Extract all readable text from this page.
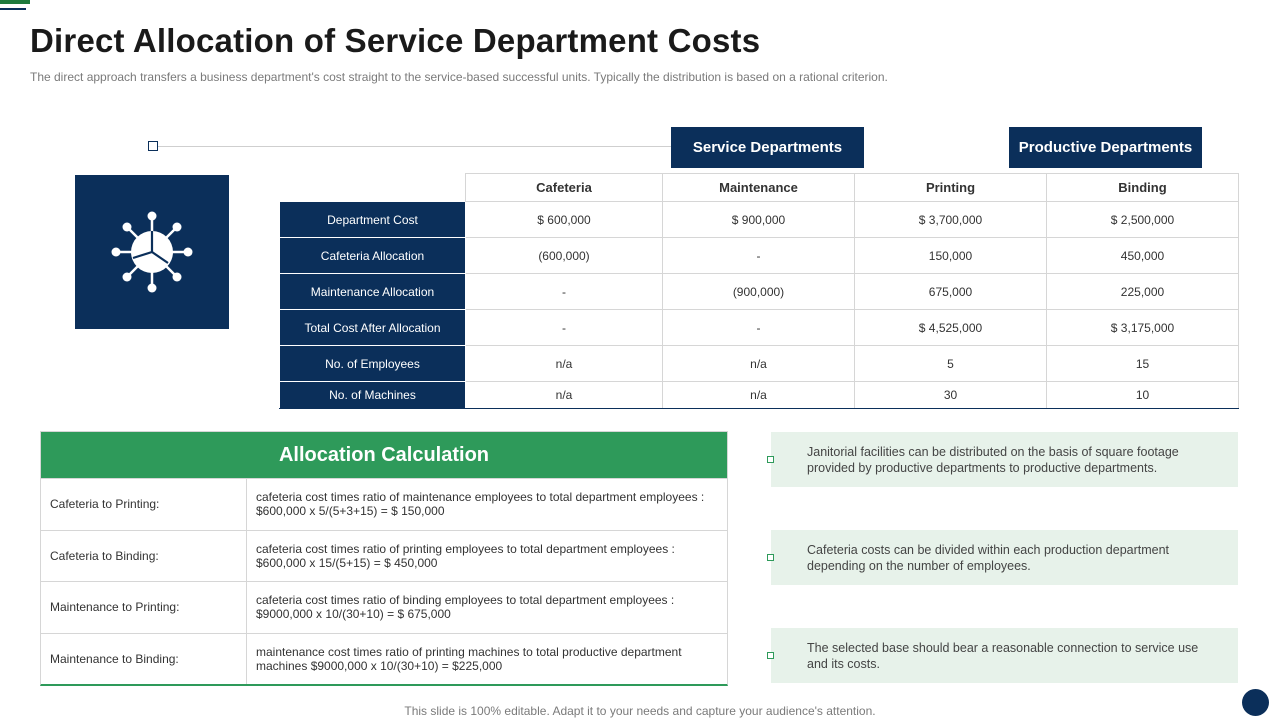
Direct Allocation of Service Department Costs

The direct approach transfers a business department's cost straight to the service-based successful units. Typically the distribution is based on a rational criterion.

Service Departments	Productive Departments
	Cafeteria	Maintenance	Printing	Binding
Department Cost	$ 600,000	$ 900,000	$ 3,700,000	$ 2,500,000
Cafeteria Allocation	(600,000)	-	150,000	450,000
Maintenance Allocation	-	(900,000)	675,000	225,000
Total Cost After Allocation	-	-	$ 4,525,000	$ 3,175,000
No. of Employees	n/a	n/a	5	15
No. of Machines	n/a	n/a	30	10
Allocation Calculation
Cafeteria to Printing:	cafeteria cost times ratio of maintenance employees to total department employees : $600,000 x 5/(5+3+15) = $ 150,000
Cafeteria to Binding:	cafeteria cost times ratio of printing employees to total department employees : $600,000 x 15/(5+15) = $ 450,000
Maintenance to Printing:	cafeteria cost times ratio of binding employees to total department employees : $9000,000 x 10/(30+10) = $ 675,000
Maintenance to Binding:	maintenance cost times ratio of printing machines to total productive department machines $9000,000 x 10/(30+10) = $225,000
Janitorial facilities can be distributed on the basis of square footage provided by productive departments to productive departments.
Cafeteria costs can be divided within each production department depending on the number of employees.
The selected base should bear a reasonable connection to service use and its costs.
This slide is 100% editable. Adapt it to your needs and capture your audience's attention.
